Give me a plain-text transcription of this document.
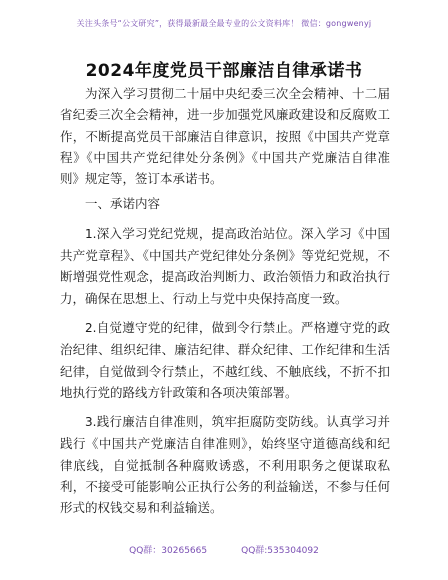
关注头条号“公文研究”，获得最新最全最专业的公文资料库！ 微信：gongwenyj
2024年度党员干部廉洁自律承诺书

为深入学习贯彻二十届中央纪委三次全会精神、十二届省纪委三次全会精神，进一步加强党风廉政建设和反腐败工作，不断提高党员干部廉洁自律意识，按照《中国共产党章程》《中国共产党纪律处分条例》《中国共产党廉洁自律准则》规定等，签订本承诺书。

一、承诺内容

1.深入学习党纪党规，提高政治站位。深入学习《中国共产党章程》、《中国共产党纪律处分条例》等党纪党规，不断增强党性观念，提高政治判断力、政治领悟力和政治执行力，确保在思想上、行动上与党中央保持高度一致。

2.自觉遵守党的纪律，做到令行禁止。严格遵守党的政治纪律、组织纪律、廉洁纪律、群众纪律、工作纪律和生活纪律，自觉做到令行禁止，不越红线、不触底线，不折不扣地执行党的路线方针政策和各项决策部署。

3.践行廉洁自律准则，筑牢拒腐防变防线。认真学习并践行《中国共产党廉洁自律准则》，始终坚守道德高线和纪律底线，自觉抵制各种腐败诱惑，不利用职务之便谋取私利，不接受可能影响公正执行公务的利益输送，不参与任何形式的权钱交易和利益输送。

QQ群：30265665	QQ群:535304092
